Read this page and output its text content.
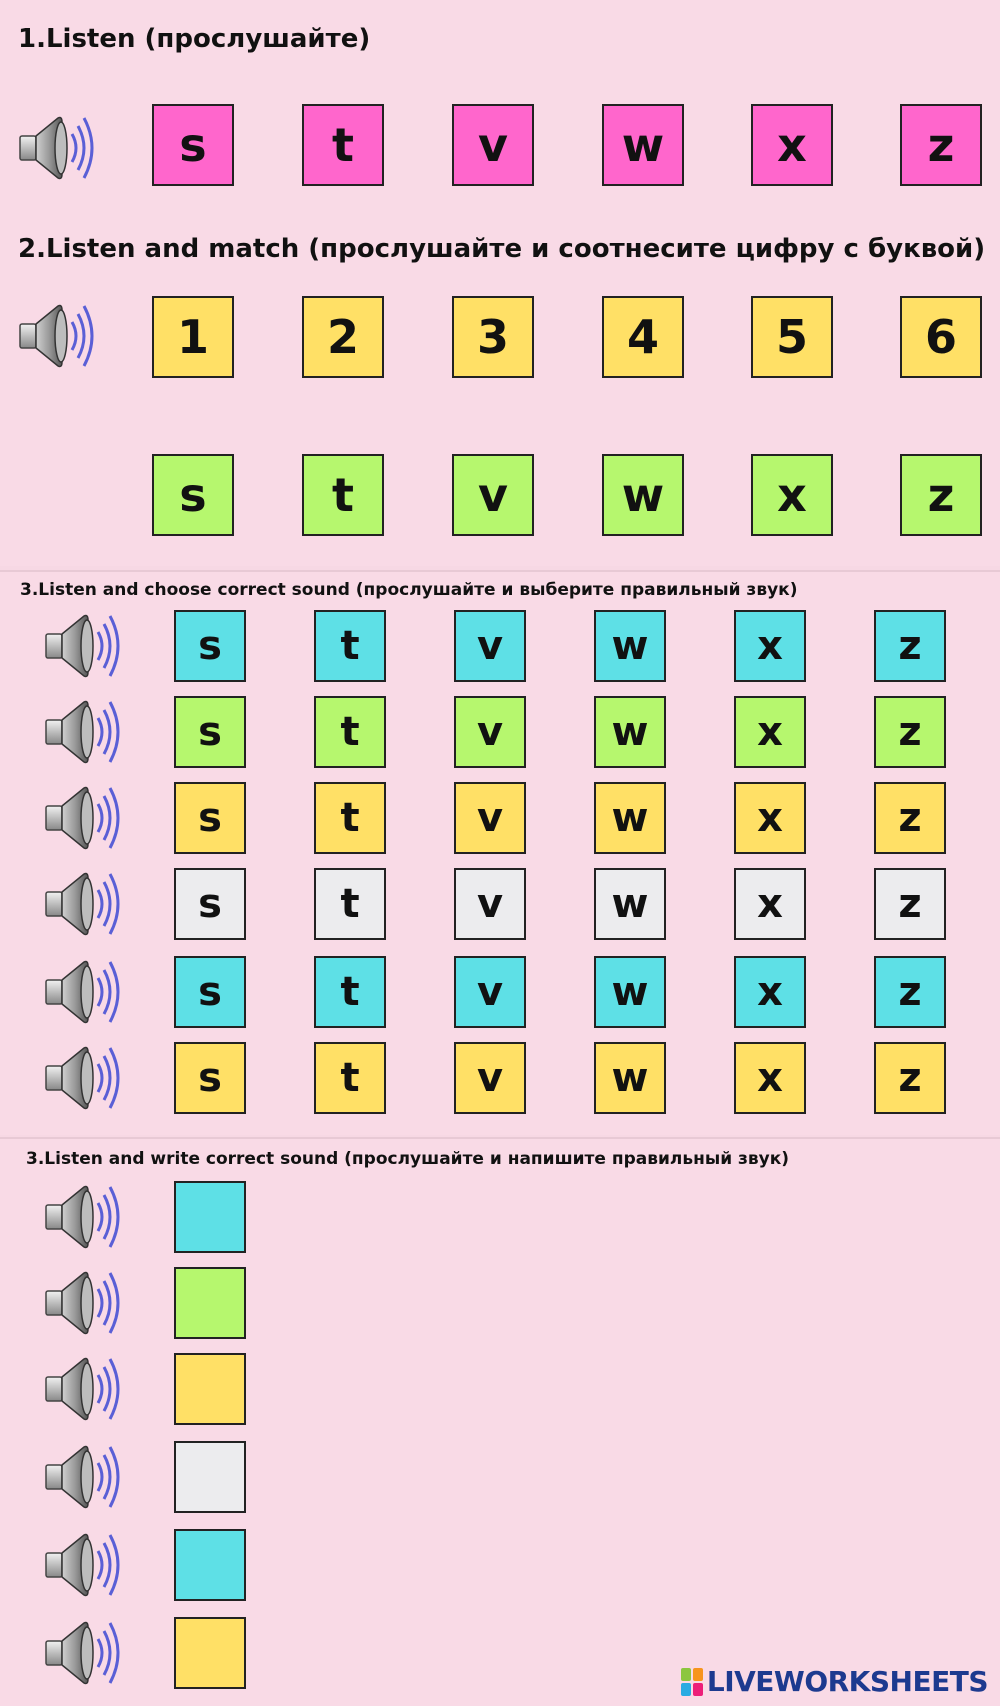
1.Listen (прослушайте)
s	t	v	w	x	z
2.Listen and match (прослушайте и соотнесите цифру с буквой)
1	2	3	4	5	6
s	t	v	w	x	z
3.Listen and choose correct sound (прослушайте и выберите правильный звук)
s	t	v	w	x	z
s	t	v	w	x	z
s	t	v	w	x	z
s	t	v	w	x	z
s	t	v	w	x	z
s	t	v	w	x	z
3.Listen and write correct sound (прослушайте и напишите правильный звук)
LIVEWORKSHEETS
